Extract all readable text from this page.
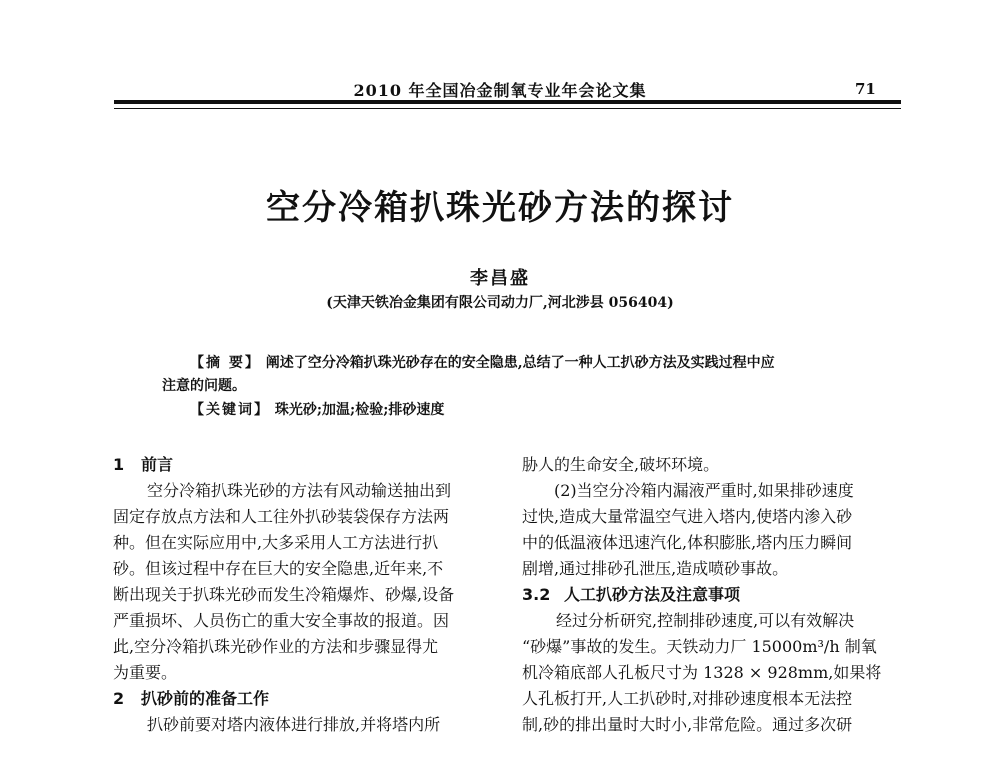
2010 年全国冶金制氧专业年会论文集	71
空分冷箱扒珠光砂方法的探讨
李昌盛
(天津天铁冶金集团有限公司动力厂,河北涉县 056404)
【摘 要】 阐述了空分冷箱扒珠光砂存在的安全隐患,总结了一种人工扒砂方法及实践过程中应
注意的问题。
【关键词】 珠光砂;加温;检验;排砂速度
1 前言

空分冷箱扒珠光砂的方法有风动输送抽出到

固定存放点方法和人工往外扒砂装袋保存方法两

种。但在实际应用中,大多采用人工方法进行扒

砂。但该过程中存在巨大的安全隐患,近年来,不

断出现关于扒珠光砂而发生冷箱爆炸、砂爆,设备

严重损坏、人员伤亡的重大安全事故的报道。因

此,空分冷箱扒珠光砂作业的方法和步骤显得尤

为重要。

2 扒砂前的准备工作

扒砂前要对塔内液体进行排放,并将塔内所

胁人的生命安全,破坏环境。

(2)当空分冷箱内漏液严重时,如果排砂速度

过快,造成大量常温空气进入塔内,使塔内渗入砂

中的低温液体迅速汽化,体积膨胀,塔内压力瞬间

剧增,通过排砂孔泄压,造成喷砂事故。

3.2 人工扒砂方法及注意事项

经过分析研究,控制排砂速度,可以有效解决

“砂爆”事故的发生。天铁动力厂 15000m³/h 制氧

机冷箱底部人孔板尺寸为 1328 × 928mm,如果将

人孔板打开,人工扒砂时,对排砂速度根本无法控

制,砂的排出量时大时小,非常危险。通过多次研
